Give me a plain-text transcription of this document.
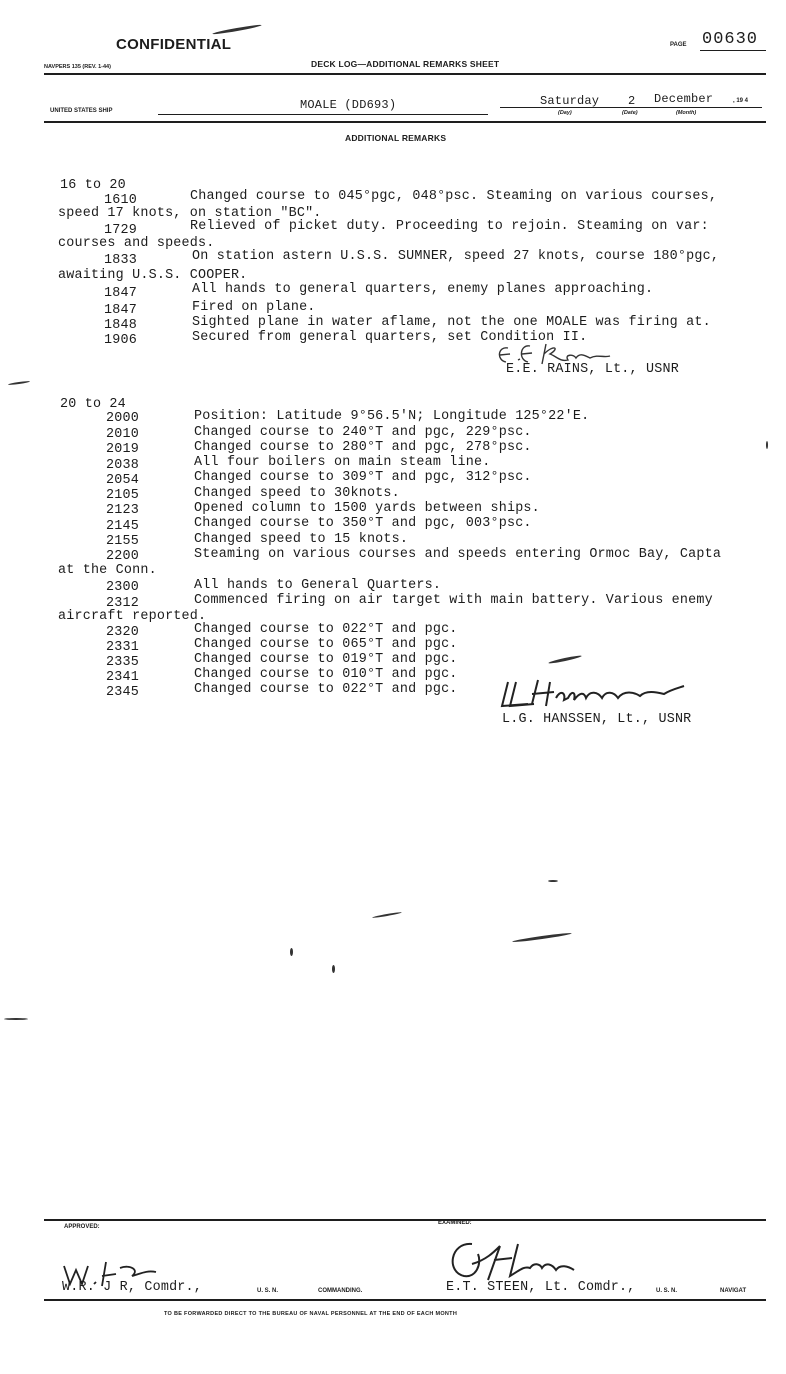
CONFIDENTIAL
NAVPERS 135 (REV. 1-44)	DECK LOG—ADDITIONAL REMARKS SHEET
PAGE 00630
UNITED STATES SHIP	MOALE (DD693)	Saturday 2 December	, 19 4
(Day)	(Date)	(Month)
ADDITIONAL REMARKS
16 to 20
1610	Changed course to 045°pgc, 048°psc. Steaming on various courses,
speed 17 knots, on station "BC".
1729	Relieved of picket duty. Proceeding to rejoin. Steaming on var:
courses and speeds.
1833	On station astern U.S.S. SUMNER, speed 27 knots, course 180°pgc,
awaiting U.S.S. COOPER.
1847	All hands to general quarters, enemy planes approaching.
1847	Fired on plane.
1848	Sighted plane in water aflame, not the one MOALE was firing at.
1906	Secured from general quarters, set Condition II.
E.E. RAINS, Lt., USNR
20 to 24
2000	Position: Latitude 9°56.5'N; Longitude 125°22'E.
2010	Changed course to 240°T and pgc, 229°psc.
2019	Changed course to 280°T and pgc, 278°psc.
2038	All four boilers on main steam line.
2054	Changed course to 309°T and pgc, 312°psc.
2105	Changed speed to 30knots.
2123	Opened column to 1500 yards between ships.
2145	Changed course to 350°T and pgc, 003°psc.
2155	Changed speed to 15 knots.
2200	Steaming on various courses and speeds entering Ormoc Bay, Capta
at the Conn.
2300	All hands to General Quarters.
2312	Commenced firing on air target with main battery. Various enemy
aircraft reported.
2320	Changed course to 022°T and pgc.
2331	Changed course to 065°T and pgc.
2335	Changed course to 019°T and pgc.
2341	Changed course to 010°T and pgc.
2345	Changed course to 022°T and pgc.
L.G. HANSSEN, Lt., USNR
APPROVED:
EXAMINED:
W.R. J R, Comdr.,	U. S. N.	COMMANDING.	E.T. STEEN, Lt. Comdr.,	U. S. N.	NAVIGAT
TO BE FORWARDED DIRECT TO THE BUREAU OF NAVAL PERSONNEL AT THE END OF EACH MONTH
